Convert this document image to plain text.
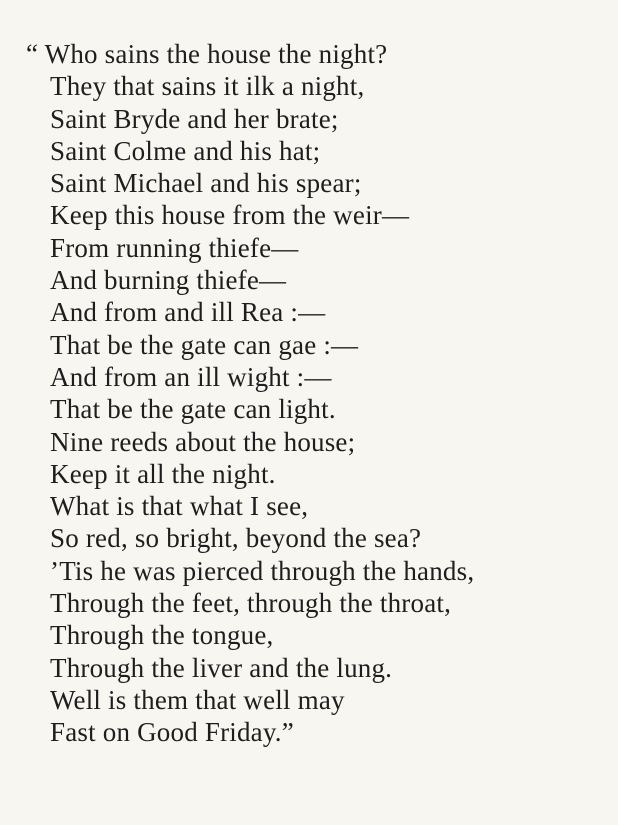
“ Who sains the house the night?
They that sains it ilk a night,
Saint Bryde and her brate;
Saint Colme and his hat;
Saint Michael and his spear;
Keep this house from the weir—
From running thiefe—
And burning thiefe—
And from and ill Rea :—
That be the gate can gae :—
And from an ill wight :—
That be the gate can light.
Nine reeds about the house;
Keep it all the night.
What is that what I see,
So red, so bright, beyond the sea?
’Tis he was pierced through the hands,
Through the feet, through the throat,
Through the tongue,
Through the liver and the lung.
Well is them that well may
Fast on Good Friday.”
